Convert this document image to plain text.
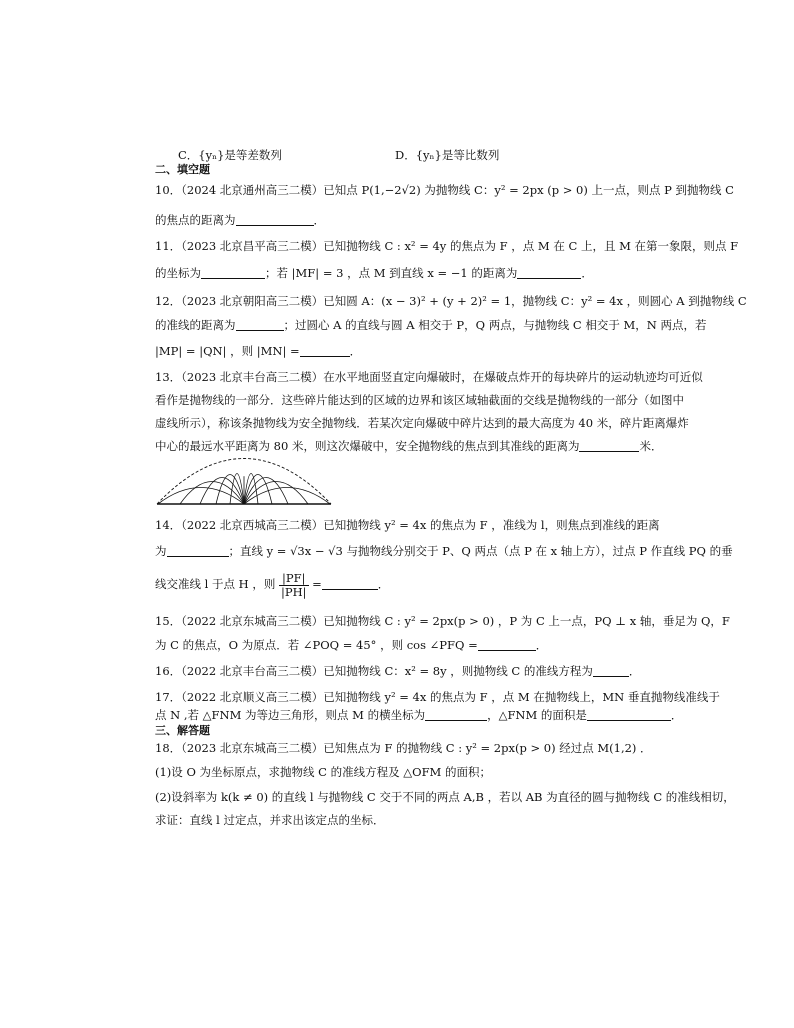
C．{yₙ}是等差数列	D．{yₙ}是等比数列
二、填空题
10．（2024 北京通州高三二模）已知点 P(1,−2√2) 为抛物线 C：y² = 2px (p > 0) 上一点，则点 P 到抛物线 C
的焦点的距离为	．
11．（2023 北京昌平高三二模）已知抛物线 C : x² = 4y 的焦点为 F ，点 M 在 C 上，且 M 在第一象限，则点 F
的坐标为	；若 |MF| = 3 ，点 M 到直线 x = −1 的距离为	．
12．（2023 北京朝阳高三二模）已知圆 A：(x − 3)² + (y + 2)² = 1，抛物线 C：y² = 4x ，则圆心 A 到抛物线 C
的准线的距离为	；过圆心 A 的直线与圆 A 相交于 P，Q 两点，与抛物线 C 相交于 M，N 两点，若
|MP| = |QN| ，则 |MN| =	．
13．（2023 北京丰台高三二模）在水平地面竖直定向爆破时，在爆破点炸开的每块碎片的运动轨迹均可近似
看作是抛物线的一部分．这些碎片能达到的区域的边界和该区域轴截面的交线是抛物线的一部分（如图中
虚线所示），称该条抛物线为安全抛物线．若某次定向爆破中碎片达到的最大高度为 40 米，碎片距离爆炸
中心的最远水平距离为 80 米，则这次爆破中，安全抛物线的焦点到其准线的距离为	米．
14．（2022 北京西城高三二模）已知抛物线 y² = 4x 的焦点为 F ，准线为 l，则焦点到准线的距离
为	；直线 y = √3x − √3 与抛物线分别交于 P、Q 两点（点 P 在 x 轴上方），过点 P 作直线 PQ 的垂
线交准线 l 于点 H ，则 $\frac{|PF|}{|PH|}$ =	．
15．（2022 北京东城高三二模）已知抛物线 C : y² = 2px(p > 0) ，P 为 C 上一点，PQ ⊥ x 轴，垂足为 Q，F
为 C 的焦点，O 为原点．若 ∠POQ = 45° ，则 cos ∠PFQ =	．
16．（2022 北京丰台高三二模）已知抛物线 C：x² = 8y ，则抛物线 C 的准线方程为	．
17．（2022 北京顺义高三二模）已知抛物线 y² = 4x 的焦点为 F ，点 M 在抛物线上，MN 垂直抛物线准线于
点 N ,若 △FNM 为等边三角形，则点 M 的横坐标为	，△FNM 的面积是	．
三、解答题
18．（2023 北京东城高三二模）已知焦点为 F 的抛物线 C : y² = 2px(p > 0) 经过点 M(1,2) ．
(1)设 O 为坐标原点，求抛物线 C 的准线方程及 △OFM 的面积；
(2)设斜率为 k(k ≠ 0) 的直线 l 与抛物线 C 交于不同的两点 A,B ，若以 AB 为直径的圆与抛物线 C 的准线相切，
求证：直线 l 过定点，并求出该定点的坐标．
